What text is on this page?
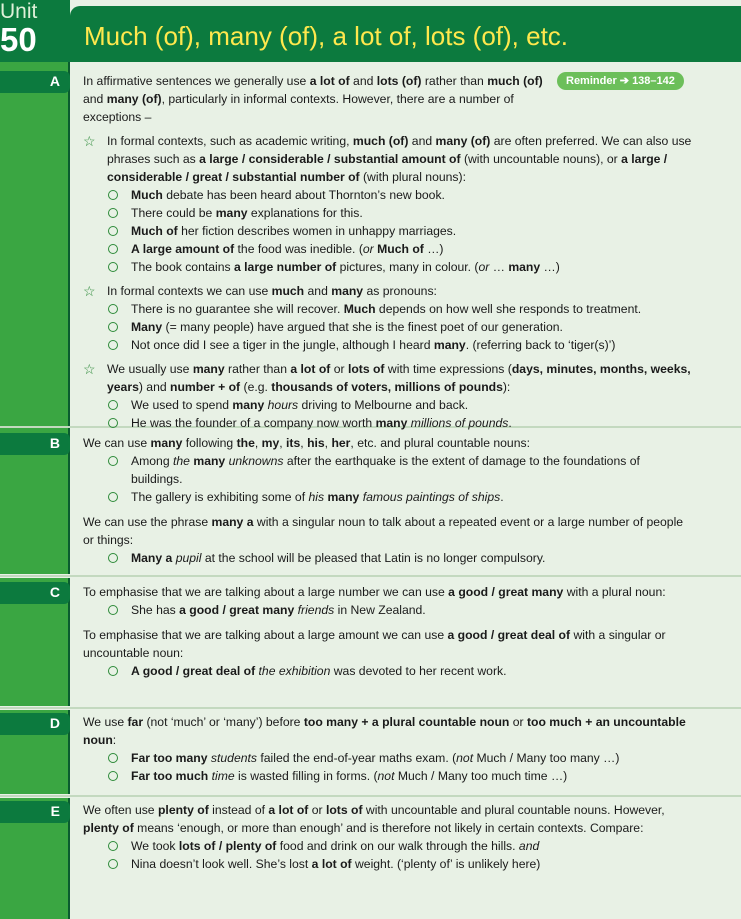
Unit
50 Much (of), many (of), a lot of, lots (of), etc.
A
B
C
D
E
Reminder ➔ 138–142

In affirmative sentences we generally use a lot of and lots (of) rather than much (of) and many (of), particularly in informal contexts. However, there are a number of exceptions –

☆ In formal contexts, such as academic writing, much (of) and many (of) are often preferred. We can also use phrases such as a large / considerable / substantial amount of (with uncountable nouns), or a large / considerable / great / substantial number of (with plural nouns):

Much debate has been heard about Thornton’s new book.

There could be many explanations for this.

Much of her fiction describes women in unhappy marriages.

A large amount of the food was inedible. (or Much of …)

The book contains a large number of pictures, many in colour. (or … many …)

☆ In formal contexts we can use much and many as pronouns:

There is no guarantee she will recover. Much depends on how well she responds to treatment.

Many (= many people) have argued that she is the finest poet of our generation.

Not once did I see a tiger in the jungle, although I heard many. (referring back to ‘tiger(s)’)

☆ We usually use many rather than a lot of or lots of with time expressions (days, minutes, months, weeks, years) and number + of (e.g. thousands of voters, millions of pounds):

We used to spend many hours driving to Melbourne and back.

He was the founder of a company now worth many millions of pounds.

We can use many following the, my, its, his, her, etc. and plural countable nouns:

Among the many unknowns after the earthquake is the extent of damage to the foundations of buildings.

The gallery is exhibiting some of his many famous paintings of ships.

We can use the phrase many a with a singular noun to talk about a repeated event or a large number of people or things:

Many a pupil at the school will be pleased that Latin is no longer compulsory.

To emphasise that we are talking about a large number we can use a good / great many with a plural noun:

She has a good / great many friends in New Zealand.

To emphasise that we are talking about a large amount we can use a good / great deal of with a singular or uncountable noun:

A good / great deal of the exhibition was devoted to her recent work.

We use far (not ‘much’ or ‘many’) before too many + a plural countable noun or too much + an uncountable noun:

Far too many students failed the end-of-year maths exam. (not Much / Many too many …)

Far too much time is wasted filling in forms. (not Much / Many too much time …)

We often use plenty of instead of a lot of or lots of with uncountable and plural countable nouns. However, plenty of means ‘enough, or more than enough’ and is therefore not likely in certain contexts. Compare:

We took lots of / plenty of food and drink on our walk through the hills. and

Nina doesn’t look well. She’s lost a lot of weight. (‘plenty of’ is unlikely here)
